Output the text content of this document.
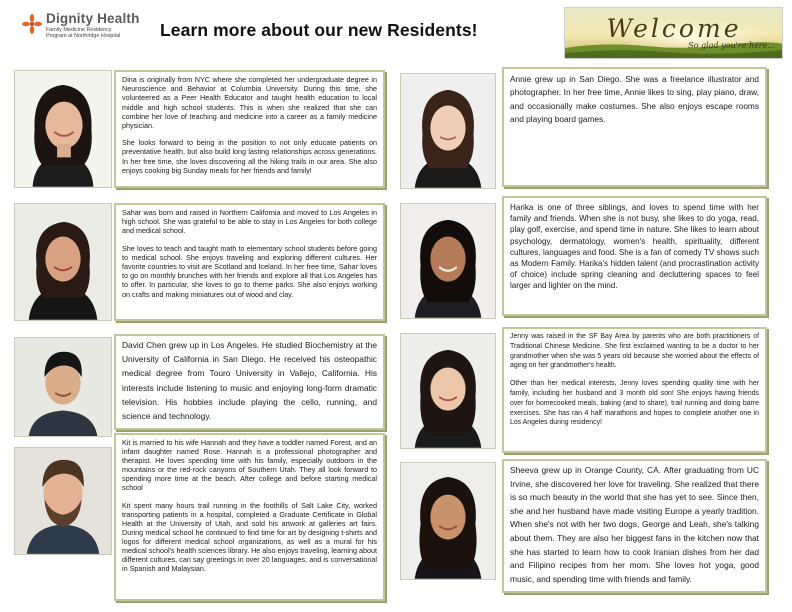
Dignity Health
Family Medicine Residency
Program at Northridge Hospital	Learn more about our new Residents!	Welcome
So glad you're here...

Dina is originally from NYC where she completed her undergraduate degree in Neuroscience and Behavior at Columbia University. During this time, she volunteered as a Peer Health Educator and taught health education to local middle and high school students. This is when she realized that she can combine her love of teaching and medicine into a career as a family medicine physician.

She looks forward to being in the position to not only educate patients on preventative health, but also build long lasting relationships across generations. In her free time, she loves discovering all the hiking trails in our area. She also enjoys cooking big Sunday meals for her friends and family!

Sahar was born and raised in Northern California and moved to Los Angeles in high school. She was grateful to be able to stay in Los Angeles for both college and medical school.

She loves to teach and taught math to elementary school students before going to medical school. She enjoys traveling and exploring different cultures. Her favorite countries to visit are Scotland and Iceland. In her free time, Sahar loves to go on monthly brunches with her friends and explore all that Los Angeles has to offer. In particular, she loves to go to theme parks. She also enjoys working on crafts and making miniatures out of wood and clay.

David Chen grew up in Los Angeles. He studied Biochemistry at the University of California in San Diego. He received his osteopathic medical degree from Touro University in Vallejo, California. His interests include listening to music and enjoying long-form dramatic television. His hobbies include playing the cello, running, and science and technology.

Kit is married to his wife Hannah and they have a toddler named Forest, and an infant daughter named Rose. Hannah is a professional photographer and therapist. He loves spending time with his family, especially outdoors in the mountains or the red-rock canyons of Southern Utah. They all look forward to spending more time at the beach. After college and before starting medical school

Kit spent many hours trail running in the foothills of Salt Lake City, worked transporting patients in a hospital, completed a Graduate Certificate in Global Health at the University of Utah, and sold his artwork at galleries art fairs. During medical school he continued to find time for art by designing t-shirts and logos for different medical school organizations, as well as a mural for his medical school's health sciences library. He also enjoys traveling, learning about different cultures, can say greetings in over 20 languages, and is conversational in Spanish and Malaysian.

Annie grew up in San Diego. She was a freelance illustrator and photographer. In her free time, Annie likes to sing, play piano, draw, and occasionally make costumes. She also enjoys escape rooms and playing board games.

Harika is one of three siblings, and loves to spend time with her family and friends. When she is not busy, she likes to do yoga, read, play golf, exercise, and spend time in nature. She likes to learn about psychology, dermatology, women's health, spirituality, different cultures, languages and food. She is a fan of comedy TV shows such as Modern Family. Harika's hidden talent (and procrastination activity of choice) include spring cleaning and decluttering spaces to feel larger and lighter on the mind.

Jenny was raised in the SF Bay Area by parents who are both practitioners of Traditional Chinese Medicine. She first exclaimed wanting to be a doctor to her grandmother when she was 5 years old because she worried about the effects of aging on her grandmother's health.

Other than her medical interests, Jenny loves spending quality time with her family, including her husband and 3 month old son! She enjoys having friends over for homecooked meals, baking (and to share), trail running and doing barre exercises. She has ran 4 half marathons and hopes to complete another one in Los Angeles during residency!

Sheeva grew up in Orange County, CA. After graduating from UC Irvine, she discovered her love for traveling. She realized that there is so much beauty in the world that she has yet to see. Since then, she and her husband have made visiting Europe a yearly tradition. When she's not with her two dogs, George and Leah, she's talking about them. They are also her biggest fans in the kitchen now that she has started to learn how to cook Iranian dishes from her dad and Filipino recipes from her mom. She loves hot yoga, good music, and spending time with friends and family.
